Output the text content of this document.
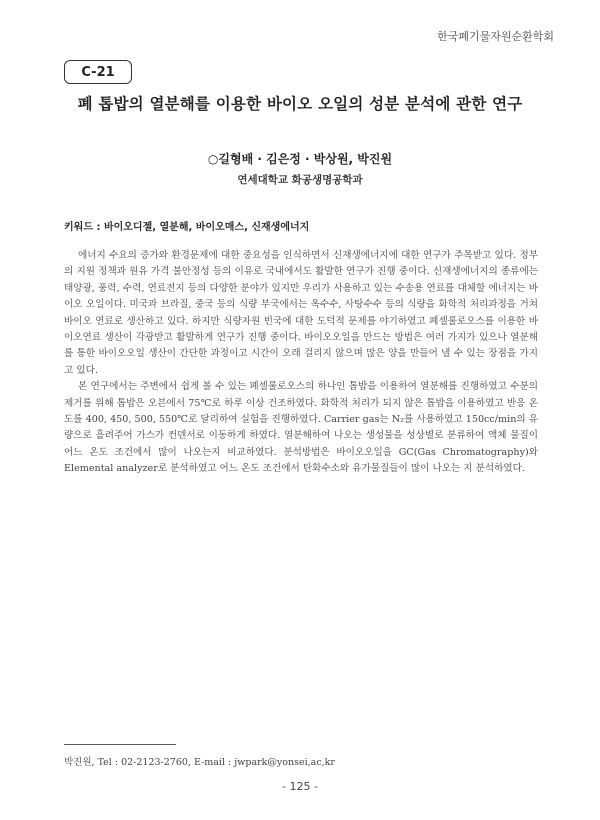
한국폐기물자원순환학회
C-21
폐 톱밥의 열분해를 이용한 바이오 오일의 성분 분석에 관한 연구
○길형배 · 김은정 · 박상원, 박진원
연세대학교 화공생명공학과
키워드 : 바이오디젤, 열분해, 바이오매스, 신재생에너지

에너지 수요의 증가와 환경문제에 대한 중요성을 인식하면서 신재생에너지에 대한 연구가 주목받고 있다. 정부의 지원 정책과 원유 가격 불안정성 등의 이유로 국내에서도 활발한 연구가 진행 중이다. 신재생에너지의 종류에는 태양광, 풍력, 수력, 연료전지 등의 다양한 분야가 있지만 우리가 사용하고 있는 수송용 연료를 대체할 에너지는 바이오 오일이다. 미국과 브라질, 중국 등의 식량 부국에서는 옥수수, 사탕수수 등의 식량을 화학적 처리과정을 거쳐 바이오 연료로 생산하고 있다. 하지만 식량자원 빈국에 대한 도덕적 문제를 야기하였고 폐셀룰로오스를 이용한 바이오연료 생산이 각광받고 활발하게 연구가 진행 중이다. 바이오오일을 만드는 방법은 여러 가지가 있으나 열분해를 통한 바이오오일 생산이 간단한 과정이고 시간이 오래 걸리지 않으며 많은 양을 만들어 낼 수 있는 장점을 가지고 있다.

본 연구에서는 주변에서 쉽게 볼 수 있는 폐셀룰로오스의 하나인 톱밥을 이용하여 열분해를 진행하였고 수분의 제거를 위해 톱밥은 오븐에서 75℃로 하루 이상 건조하였다. 화학적 처리가 되지 않은 톱밥을 이용하였고 반응 온도를 400, 450, 500, 550℃로 달리하여 실험을 진행하였다. Carrier gas는 N₂를 사용하였고 150cc/min의 유량으로 흘려주어 가스가 컨덴서로 이동하게 하였다. 열분해하여 나오는 생성물을 성상별로 분류하여 액체 물질이 어느 온도 조건에서 많이 나오는지 비교하였다. 분석방법은 바이오오일을 GC(Gas Chromatography)와 Elemental analyzer로 분석하였고 어느 온도 조건에서 탄화수소와 유가물질들이 많이 나오는 지 분석하였다.

박진원, Tel : 02-2123-2760, E-mail : jwpark@yonsei,ac,kr
- 125 -
